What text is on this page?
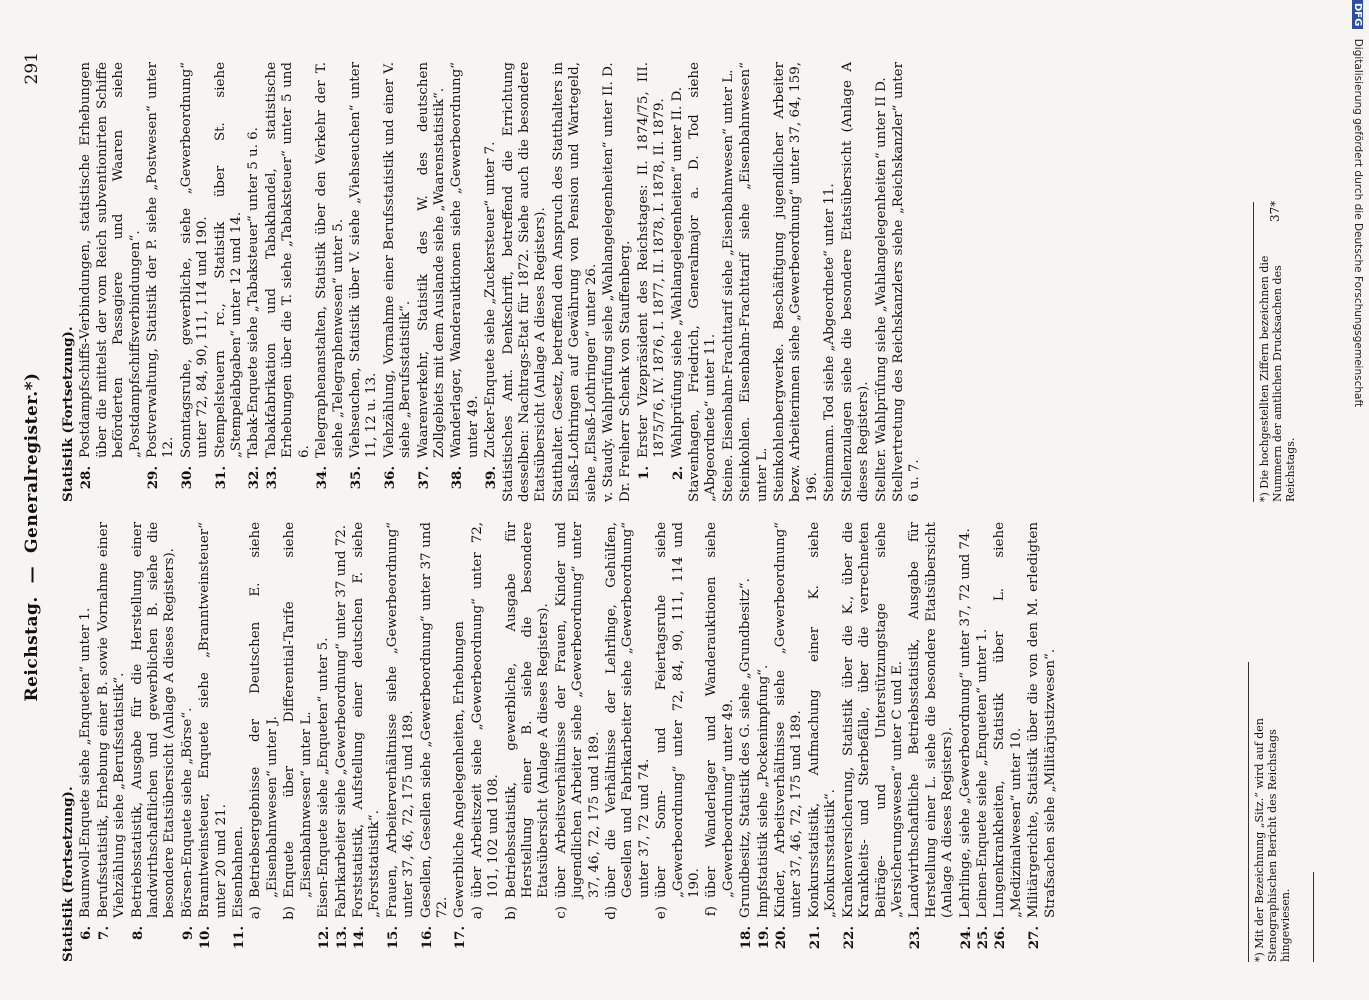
Reichstag.  —  Generalregister.*)
291
Statistik (Fortsetzung). 6.
Baumwoll-Enquete siehe „Enqueten“ unter 1.
7.
Berufsstatistik, Erhebung einer B. sowie Vornahme einer Viehzählung siehe „Berufsstatistik“.
8.
Betriebsstatistik, Ausgabe für die Herstellung einer landwirthschaftlichen und gewerblichen B. siehe die besondere Etatsübersicht (Anlage A dieses Registers).
9.
Börsen-Enquete siehe „Börse“.
10.
Branntweinsteuer, Enquete siehe „Branntweinsteuer“ unter 20 und 21.
11.
Eisenbahnen. a)
Betriebsergebnisse der Deutschen E. siehe „Eisenbahnwesen“ unter J.
b)
Enquete über Differential-Tarife siehe „Eisenbahnwesen“ unter L.
12.
Eisen-Enquete siehe „Enqueten“ unter 5.
13.
Fabrikarbeiter siehe „Gewerbeordnung“ unter 37 und 72.
14.
Forststatistik, Aufstellung einer deutschen F. siehe „Forststatistik“.
15.
Frauen, Arbeiterverhältnisse siehe „Gewerbeordnung“ unter 37, 46, 72, 175 und 189.
16.
Gesellen, Gesellen siehe „Gewerbeordnung“ unter 37 und 72.
17.
Gewerbliche Angelegenheiten, Erhebungen a)
über Arbeitszeit siehe „Gewerbeordnung“ unter 72, 101, 102 und 108.
b)
Betriebsstatistik, gewerbliche, Ausgabe für Herstellung einer B. siehe die besondere Etatsübersicht (Anlage A dieses Registers).
c)
über Arbeitsverhältnisse der Frauen, Kinder und jugendlichen Arbeiter siehe „Gewerbeordnung“ unter 37, 46, 72, 175 und 189.
d)
über die Verhältnisse der Lehrlinge, Gehülfen, Gesellen und Fabrikarbeiter siehe „Gewerbeordnung“ unter 37, 72 und 74.
e)
über Sonn- und Feiertagsruhe siehe „Gewerbeordnung“ unter 72, 84, 90, 111, 114 und 190.
f)
über Wanderlager und Wanderauktionen siehe „Gewerbeordnung“ unter 49.
18.
Grundbesitz, Statistik des G. siehe „Grundbesitz“.
19.
Impfstatistik siehe „Pockenimpfung“.
20.
Kinder, Arbeitsverhältnisse siehe „Gewerbeordnung“ unter 37, 46, 72, 175 und 189.
21.
Konkursstatistik, Aufmachung einer K. siehe „Konkursstatistik“.
22.
Krankenversicherung, Statistik über die K., über die Krankheits- und Sterbefälle, über die verrechneten Beiträge- und Unterstützungstage siehe „Versicherungswesen“ unter C und E.
23.
Landwirthschaftliche Betriebsstatistik, Ausgabe für Herstellung einer L. siehe die besondere Etatsübersicht (Anlage A dieses Registers).
24.
Lehrlinge, siehe „Gewerbeordnung“ unter 37, 72 und 74.
25.
Leinen-Enquete siehe „Enqueten“ unter 1.
26.
Lungenkrankheiten, Statistik über L. siehe „Medizinalwesen“ unter 10.
27.
Militärgerichte, Statistik über die von den M. erledigten Strafsachen siehe „Militärjustizwesen“.
Statistik (Fortsetzung). 28.
Postdampfschiffs-Verbindungen, statistische Erhebungen über die mittelst der vom Reich subventionirten Schiffe beförderten Passagiere und Waaren siehe „Postdampfschiffsverbindungen“.
29.
Postverwaltung, Statistik der P. siehe „Postwesen“ unter 12.
30.
Sonntagsruhe, gewerbliche, siehe „Gewerbeordnung“ unter 72, 84, 90, 111, 114 und 190.
31.
Stempelsteuern rc., Statistik über St. siehe „Stempelabgaben“ unter 12 und 14.
32.
Tabak-Enquete siehe „Tabaksteuer“ unter 5 u. 6.
33.
Tabakfabrikation und Tabakhandel, statistische Erhebungen über die T. siehe „Tabaksteuer“ unter 5 und 6.
34.
Telegraphenanstalten, Statistik über den Verkehr der T. siehe „Telegraphenwesen“ unter 5.
35.
Viehseuchen, Statistik über V. siehe „Viehseuchen“ unter 11, 12 u. 13.
36.
Viehzählung, Vornahme einer Berufsstatistik und einer V. siehe „Berufsstatistik“.
37.
Waarenverkehr, Statistik des W. des deutschen Zollgebiets mit dem Auslande siehe „Waarenstatistik“.
38.
Wanderlager, Wanderauktionen siehe „Gewerbeordnung“ unter 49.
39.
Zucker-Enquete siehe „Zuckersteuer“ unter 7. Statistisches Amt. Denkschrift, betreffend die Errichtung desselben: Nachtrags-Etat für 1872. Siehe auch die besondere Etatsübersicht (Anlage A dieses Registers). Statthalter. Gesetz, betreffend den Anspruch des Statthalters in Elsaß-Lothringen auf Gewährung von Pension und Wartegeld, siehe „Elsaß-Lothringen“ unter 26. v. Staudy. Wahlprüfung siehe „Wahlangelegenheiten“ unter II. D. Dr. Freiherr Schenk von Stauffenberg. 1.
Erster Vizepräsident des Reichstages: II. 1874/75, III. 1875/76, IV. 1876, I. 1877, II. 1878, I. 1878, II. 1879.
2.
Wahlprüfung siehe „Wahlangelegenheiten“ unter II. D. Stavenhagen, Friedrich, Generalmajor a. D. Tod siehe „Abgeordnete“ unter 11. Steine. Eisenbahn-Frachttarif siehe „Eisenbahnwesen“ unter L. Steinkohlen. Eisenbahn-Frachttarif siehe „Eisenbahnwesen“ unter L. Steinkohlenbergwerke. Beschäftigung jugendlicher Arbeiter bezw. Arbeiterinnen siehe „Gewerbeordnung“ unter 37, 64, 159, 196. Steinmann. Tod siehe „Abgeordnete“ unter 11. Stellenzulagen siehe die besondere Etatsübersicht (Anlage A dieses Registers). Stellter. Wahlprüfung siehe „Wahlangelegenheiten“ unter II D. Stellvertretung des Reichskanzlers siehe „Reichskanzler“ unter 6 u. 7.
*) Mit der Bezeichnung „Sitz.“ wird auf den Stenographischen Bericht des Reichstags hingewiesen.
*) Die hochgestellten Ziffern bezeichnen die Nummern der amtlichen Drucksachen des Reichstags.
37*
DFG Digitalisierung gefördert durch die Deutsche Forschungsgemeinschaft
